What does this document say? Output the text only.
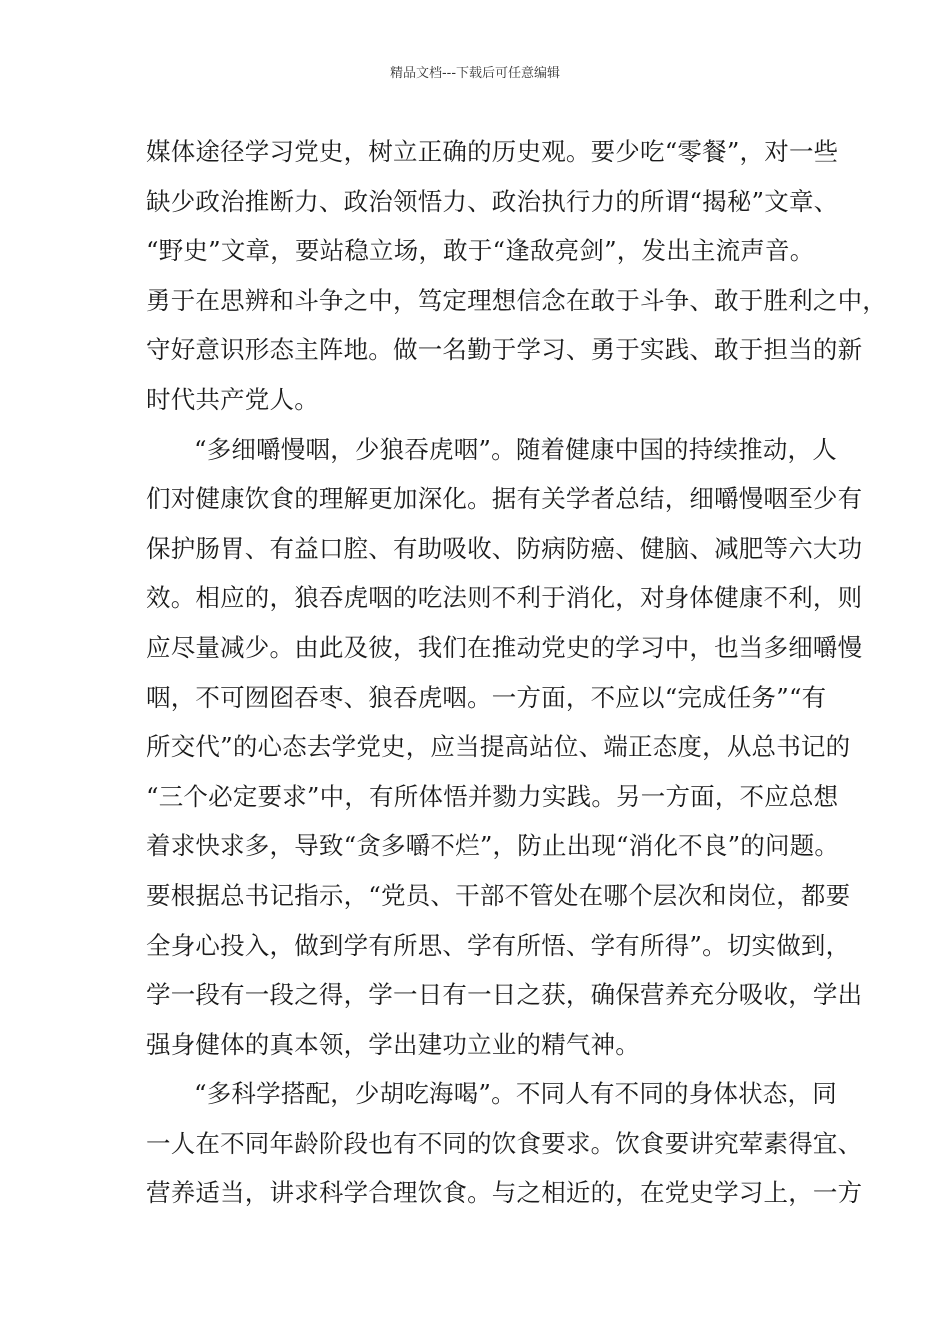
精品文档---下载后可任意编辑
媒体途径学习党史，树立正确的历史观。要少吃“零餐”，对一些
缺少政治推断力、政治领悟力、政治执行力的所谓“揭秘”文章、
“野史”文章，要站稳立场，敢于“逢敌亮剑”，发出主流声音。
勇于在思辨和斗争之中，笃定理想信念在敢于斗争、敢于胜利之中，
守好意识形态主阵地。做一名勤于学习、勇于实践、敢于担当的新
时代共产党人。
“多细嚼慢咽，少狼吞虎咽”。随着健康中国的持续推动，人
们对健康饮食的理解更加深化。据有关学者总结，细嚼慢咽至少有
保护肠胃、有益口腔、有助吸收、防病防癌、健脑、减肥等六大功
效。相应的，狼吞虎咽的吃法则不利于消化，对身体健康不利，则
应尽量减少。由此及彼，我们在推动党史的学习中，也当多细嚼慢
咽，不可囫囵吞枣、狼吞虎咽。一方面，不应以“完成任务”“有
所交代”的心态去学党史，应当提高站位、端正态度，从总书记的
“三个必定要求”中，有所体悟并勠力实践。另一方面，不应总想
着求快求多，导致“贪多嚼不烂”，防止出现“消化不良”的问题。
要根据总书记指示，“党员、干部不管处在哪个层次和岗位，都要
全身心投入，做到学有所思、学有所悟、学有所得”。切实做到，
学一段有一段之得，学一日有一日之获，确保营养充分吸收，学出
强身健体的真本领，学出建功立业的精气神。
“多科学搭配，少胡吃海喝”。不同人有不同的身体状态，同
一人在不同年龄阶段也有不同的饮食要求。饮食要讲究荤素得宜、
营养适当，讲求科学合理饮食。与之相近的，在党史学习上，一方
